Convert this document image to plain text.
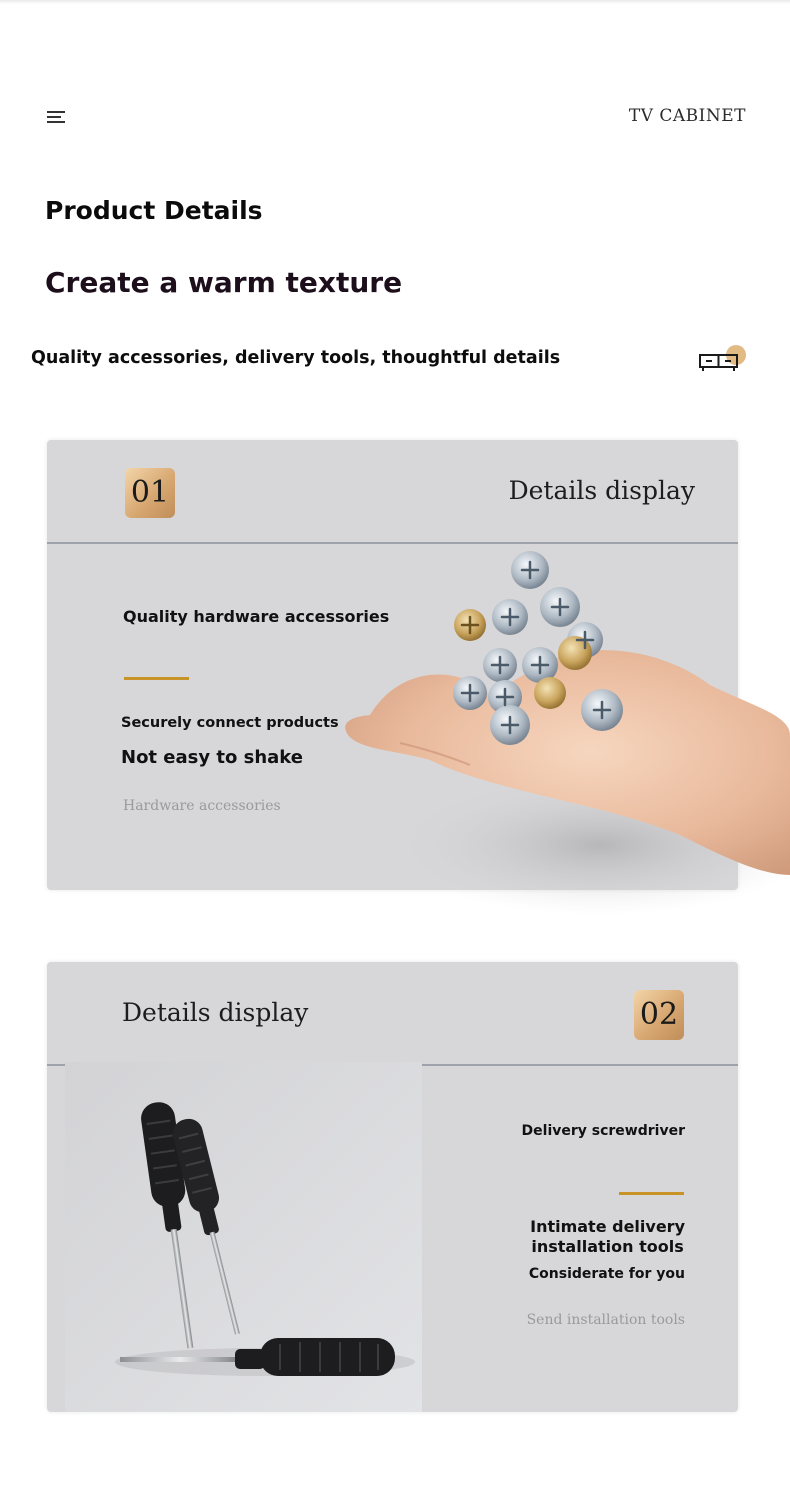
TV CABINET
Product Details
Create a warm texture
Quality accessories, delivery tools, thoughtful details
01	Details display
Quality hardware accessories
Securely connect products
Not easy to shake
Hardware accessories
Details display	02
Delivery screwdriver
Intimate delivery
installation tools
Considerate for you
Send installation tools
